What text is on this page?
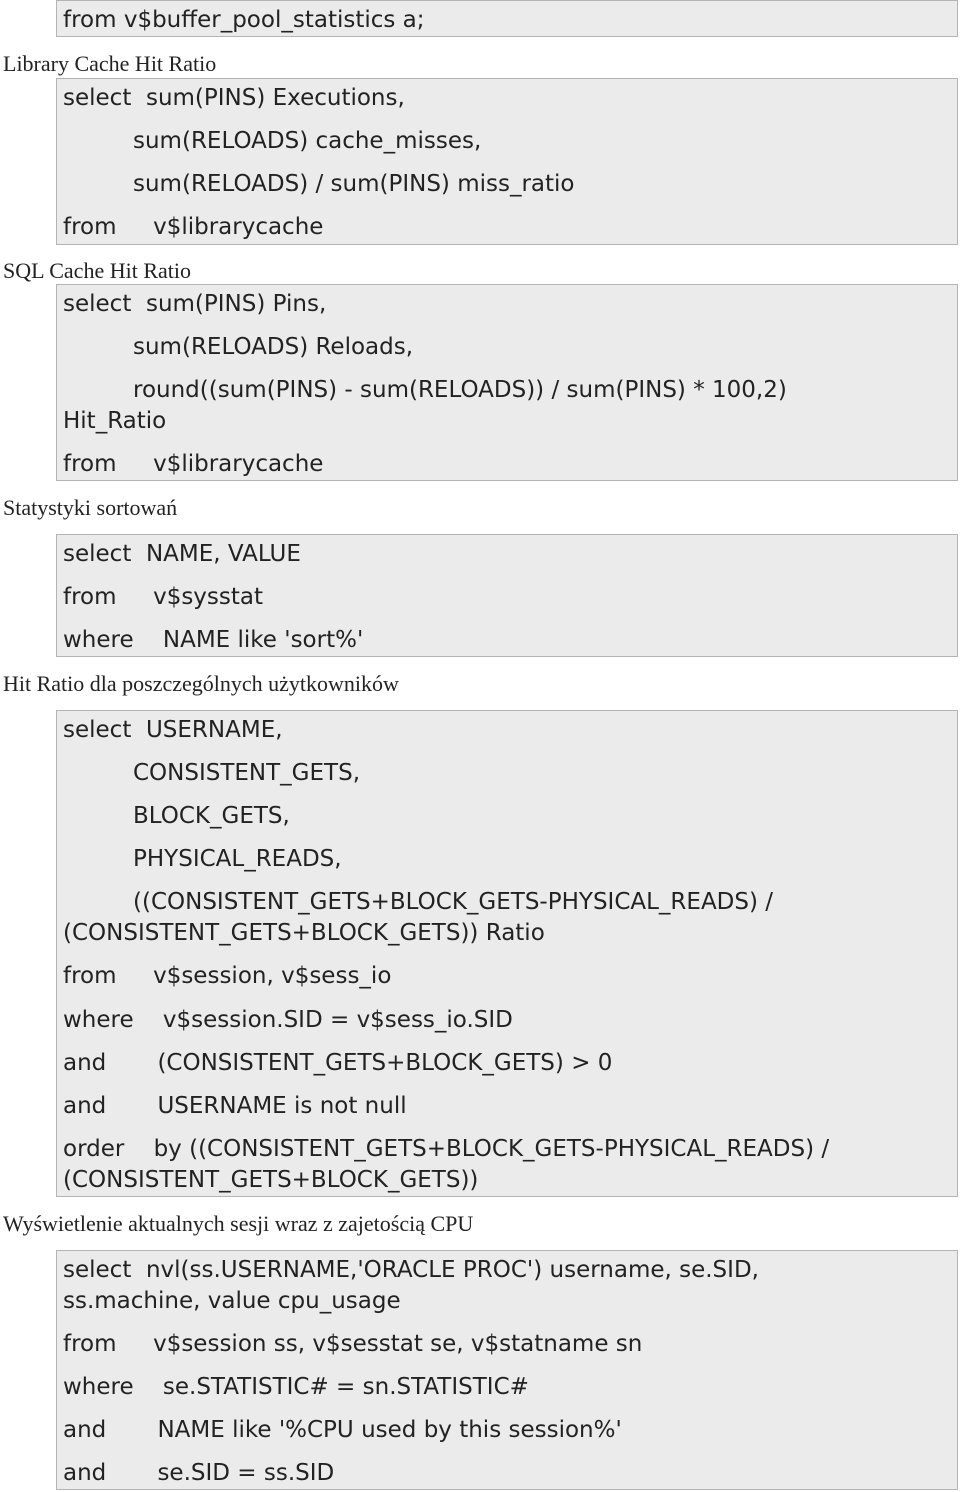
from v$buffer_pool_statistics a;
Library Cache Hit Ratio
select  sum(PINS) Executions,
sum(RELOADS) cache_misses,
sum(RELOADS) / sum(PINS) miss_ratio
from     v$librarycache
SQL Cache Hit Ratio
select  sum(PINS) Pins,
sum(RELOADS) Reloads,
round((sum(PINS) - sum(RELOADS)) / sum(PINS) * 100,2)
Hit_Ratio
from     v$librarycache
Statystyki sortowań
select  NAME, VALUE
from     v$sysstat
where    NAME like 'sort%'
Hit Ratio dla poszczególnych użytkowników
select  USERNAME,
CONSISTENT_GETS,
BLOCK_GETS,
PHYSICAL_READS,
((CONSISTENT_GETS+BLOCK_GETS-PHYSICAL_READS) /
(CONSISTENT_GETS+BLOCK_GETS)) Ratio
from     v$session, v$sess_io
where    v$session.SID = v$sess_io.SID
and       (CONSISTENT_GETS+BLOCK_GETS) > 0
and       USERNAME is not null
order    by ((CONSISTENT_GETS+BLOCK_GETS-PHYSICAL_READS) /
(CONSISTENT_GETS+BLOCK_GETS))
Wyświetlenie aktualnych sesji wraz z zajetością CPU
select  nvl(ss.USERNAME,'ORACLE PROC') username, se.SID,
ss.machine, value cpu_usage
from     v$session ss, v$sesstat se, v$statname sn
where    se.STATISTIC# = sn.STATISTIC#
and       NAME like '%CPU used by this session%'
and       se.SID = ss.SID
